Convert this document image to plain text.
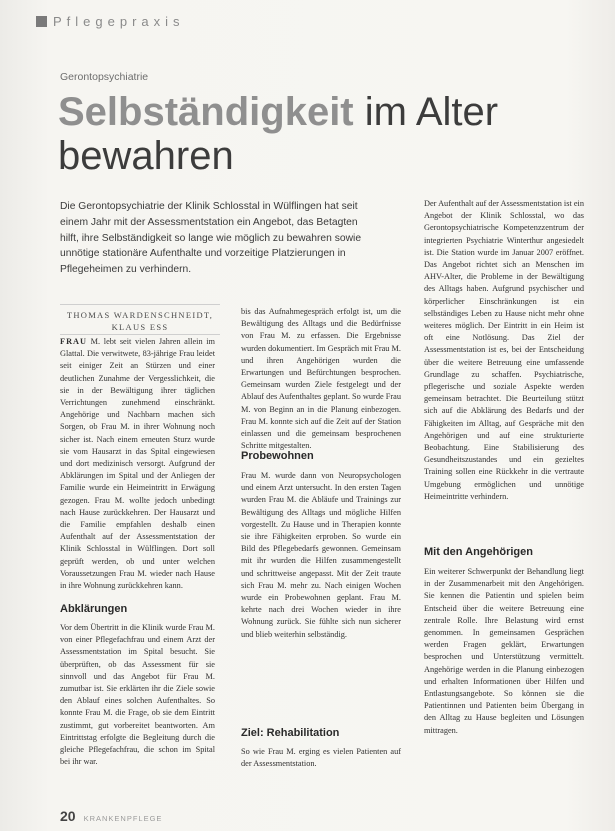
Pflegepraxis
Gerontopsychiatrie
Selbständigkeit im Alter bewahren
Die Gerontopsychiatrie der Klinik Schlosstal in Wülflingen hat seit einem Jahr mit der Assessmentstation ein Angebot, das Betagten hilft, ihre Selbständigkeit so lange wie möglich zu bewahren sowie unnötige stationäre Aufenthalte und vorzeitige Platzierungen in Pflegeheimen zu verhindern.
THOMAS WARDENSCHNEIDT,
KLAUS ESS

FRAU M. lebt seit vielen Jahren allein im Glattal. Die verwitwete, 83-jährige Frau leidet seit einiger Zeit an Stürzen und einer deutlichen Zunahme der Vergesslichkeit, die sie in der Bewältigung ihrer täglichen Verrichtungen zunehmend einschränkt. Angehörige und Nachbarn machen sich Sorgen, ob Frau M. in ihrer Wohnung noch sicher ist. Nach einem erneuten Sturz wurde sie vom Hausarzt in das Spital eingewiesen und dort medizinisch versorgt. Aufgrund der Abklärungen im Spital und der Anliegen der Familie wurde ein Heimeintritt in Erwägung gezogen. Frau M. wollte jedoch unbedingt nach Hause zurückkehren. Der Hausarzt und die Familie empfahlen deshalb einen Aufenthalt auf der Assessmentstation der Klinik Schlosstal in Wülflingen. Dort soll geprüft werden, ob und unter welchen Voraussetzungen Frau M. wieder nach Hause in ihre Wohnung zurückkehren kann.

Abklärungen

Vor dem Übertritt in die Klinik wurde Frau M. von einer Pflegefachfrau und einem Arzt der Assessmentstation im Spital besucht. Sie überprüften, ob das Assessment für sie sinnvoll und das Angebot für Frau M. zumutbar ist. Sie erklärten ihr die Ziele sowie den Ablauf eines solchen Aufenthaltes. So konnte Frau M. die Frage, ob sie dem Eintritt zustimmt, gut vorbereitet beantworten. Am Eintrittstag erfolgte die Begleitung durch die gleiche Pflegefachfrau, die schon im Spital bei ihr war.

bis das Aufnahmegespräch erfolgt ist, um die Bewältigung des Alltags und die Bedürfnisse von Frau M. zu erfassen. Die Ergebnisse wurden dokumentiert. Im Gespräch mit Frau M. und ihren Angehörigen wurden die Erwartungen und Befürchtungen besprochen. Gemeinsam wurden Ziele festgelegt und der Ablauf des Aufenthaltes geplant. So wurde Frau M. von Beginn an in die Planung einbezogen. Frau M. konnte sich auf die Zeit auf der Station einlassen und die gemeinsam besprochenen Schritte mitgestalten.

Probewohnen

Frau M. wurde dann von Neuropsychologen und einem Arzt untersucht. In den ersten Tagen wurden Frau M. die Abläufe und Trainings zur Bewältigung des Alltags und mögliche Hilfen vorgestellt. Zu Hause und in Therapien konnte sie ihre Fähigkeiten erproben. So wurde ein Bild des Pflegebedarfs gewonnen. Gemeinsam mit ihr wurden die Hilfen zusammengestellt und schrittweise angepasst. Mit der Zeit traute sich Frau M. mehr zu. Nach einigen Wochen wurde ein Probewohnen geplant. Frau M. kehrte nach drei Wochen wieder in ihre Wohnung zurück. Sie fühlte sich nun sicherer und blieb weiterhin selbständig.

Ziel: Rehabilitation

So wie Frau M. erging es vielen Patienten auf der Assessmentstation.

Der Aufenthalt auf der Assessmentstation ist ein Angebot der Klinik Schlosstal, wo das Gerontopsychiatrische Kompetenzzentrum der integrierten Psychiatrie Winterthur angesiedelt ist. Die Station wurde im Januar 2007 eröffnet. Das Angebot richtet sich an Menschen im AHV-Alter, die Probleme in der Bewältigung des Alltags haben. Aufgrund psychischer und körperlicher Einschränkungen ist ein selbständiges Leben zu Hause nicht mehr ohne weiteres möglich. Der Eintritt in ein Heim ist oft eine Notlösung. Das Ziel der Assessmentstation ist es, bei der Entscheidung über die weitere Betreuung eine umfassende Grundlage zu schaffen. Psychiatrische, pflegerische und soziale Aspekte werden gemeinsam betrachtet. Die Beurteilung stützt sich auf die Abklärung des Bedarfs und der Fähigkeiten im Alltag, auf Gespräche mit den Angehörigen und auf eine strukturierte Beobachtung. Eine Stabilisierung des Gesundheitszustandes und ein gezieltes Training sollen eine Rückkehr in die vertraute Umgebung ermöglichen und unnötige Heimeintritte verhindern.

Mit den Angehörigen

Ein weiterer Schwerpunkt der Behandlung liegt in der Zusammenarbeit mit den Angehörigen. Sie kennen die Patientin und spielen beim Entscheid über die weitere Betreuung eine zentrale Rolle. Ihre Belastung wird ernst genommen. In gemeinsamen Gesprächen werden Fragen geklärt, Erwartungen besprochen und Unterstützung vermittelt. Angehörige werden in die Planung einbezogen und erhalten Informationen über Hilfen und Entlastungsangebote. So können sie die Patientinnen und Patienten beim Übergang in den Alltag zu Hause begleiten und Lösungen mittragen.

20 KRANKENPFLEGE
